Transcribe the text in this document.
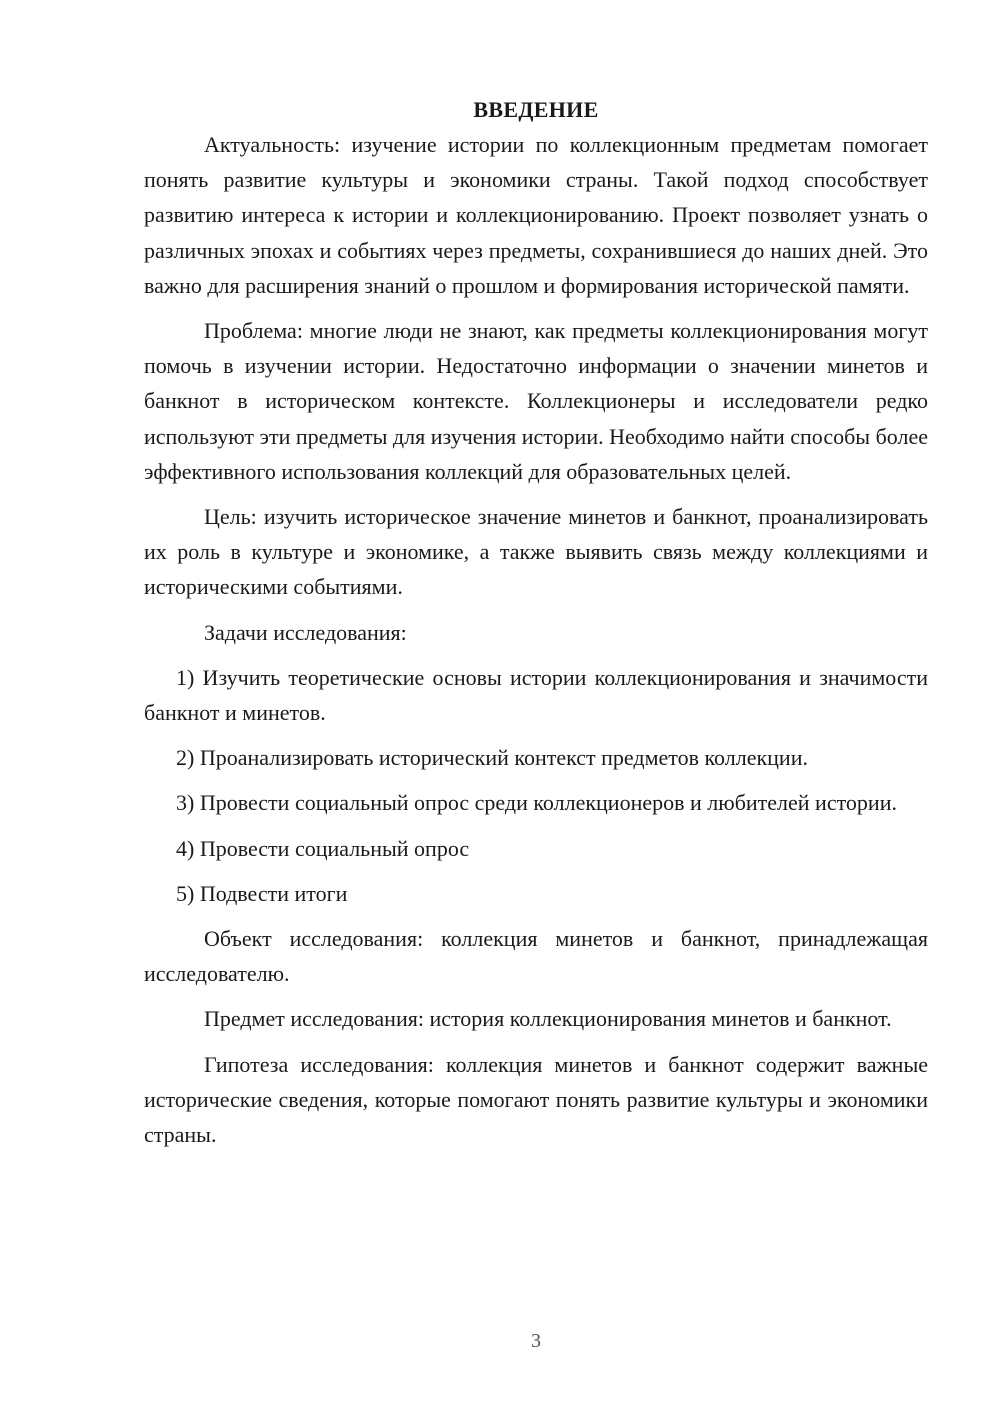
ВВЕДЕНИЕ

Актуальность: изучение истории по коллекционным предметам помогает понять развитие культуры и экономики страны. Такой подход способствует развитию интереса к истории и коллекционированию. Проект позволяет узнать о различных эпохах и событиях через предметы, сохранившиеся до наших дней. Это важно для расширения знаний о прошлом и формирования исторической памяти.

Проблема: многие люди не знают, как предметы коллекционирования могут помочь в изучении истории. Недостаточно информации о значении минетов и банкнот в историческом контексте. Коллекционеры и исследователи редко используют эти предметы для изучения истории. Необходимо найти способы более эффективного использования коллекций для образовательных целей.

Цель: изучить историческое значение минетов и банкнот, проанализировать их роль в культуре и экономике, а также выявить связь между коллекциями и историческими событиями.

Задачи исследования:

1) Изучить теоретические основы истории коллекционирования и значимости банкнот и минетов.

2) Проанализировать исторический контекст предметов коллекции.

3) Провести социальный опрос среди коллекционеров и любителей истории.

4) Провести социальный опрос

5) Подвести итоги

Объект исследования: коллекция минетов и банкнот, принадлежащая исследователю.

Предмет исследования: история коллекционирования минетов и банкнот.

Гипотеза исследования: коллекция минетов и банкнот содержит важные исторические сведения, которые помогают понять развитие культуры и экономики страны.

3
